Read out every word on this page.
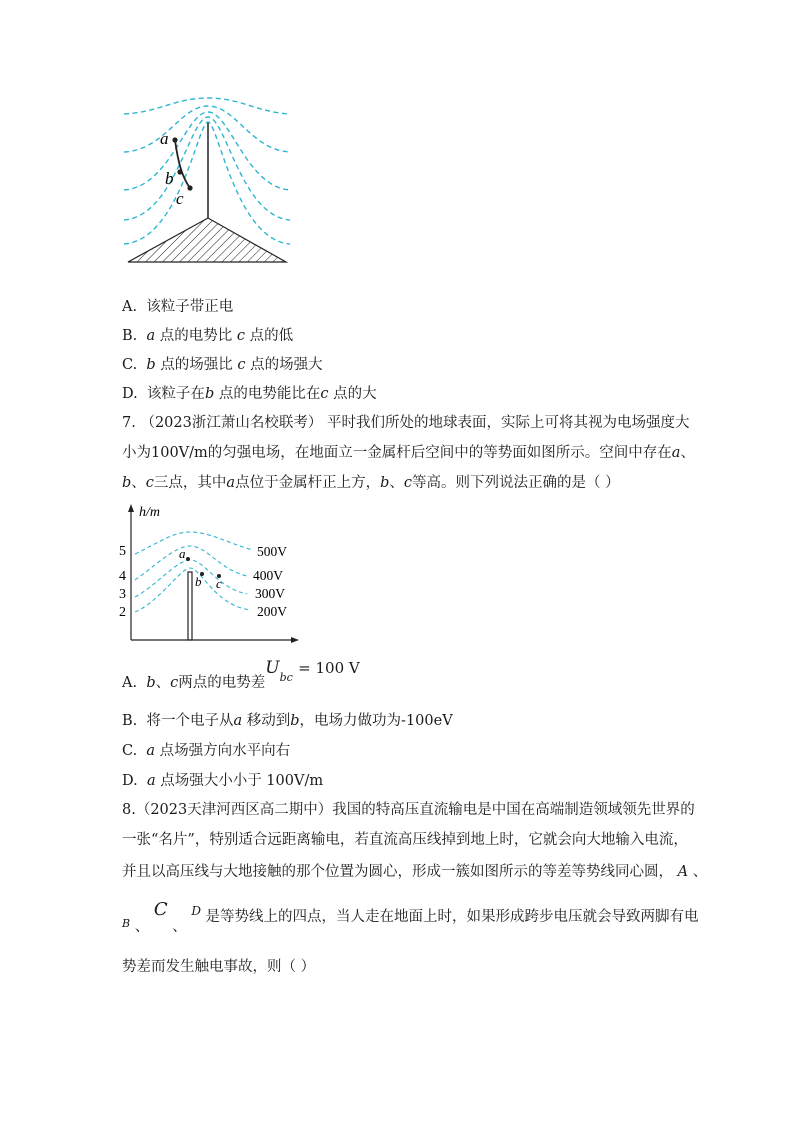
a
b
c
A. 该粒子带正电
B. a 点的电势比 c 点的低
C. b 点的场强比 c 点的场强大
D. 该粒子在b 点的电势能比在c 点的大
7. （2023浙江萧山名校联考） 平时我们所处的地球表面，实际上可将其视为电场强度大
小为100V/m的匀强电场，在地面立一金属杆后空间中的等势面如图所示。空间中存在a、
b、c三点，其中a点位于金属杆正上方，b、c等高。则下列说法正确的是（ ）
h/m
5
4
3
2
500V
400V
300V
200V
a
b c
A. b、c两点的电势差$U_{bc} = 100$ V
B. 将一个电子从a 移动到b，电场力做功为-100eV
C. a 点场强方向水平向右
D. a 点场强大小小于 100V/m
8.（2023天津河西区高二期中）我国的特高压直流输电是中国在高端制造领域领先世界的
一张“名片”，特别适合远距离输电，若直流高压线掉到地上时，它就会向大地输入电流，
并且以高压线与大地接触的那个位置为圆心，形成一簇如图所示的等差等势线同心圆， A 、
$_B$ 、 C 、 $^D$ 是等势线上的四点，当人走在地面上时，如果形成跨步电压就会导致两脚有电
势差而发生触电事故，则（ ）
